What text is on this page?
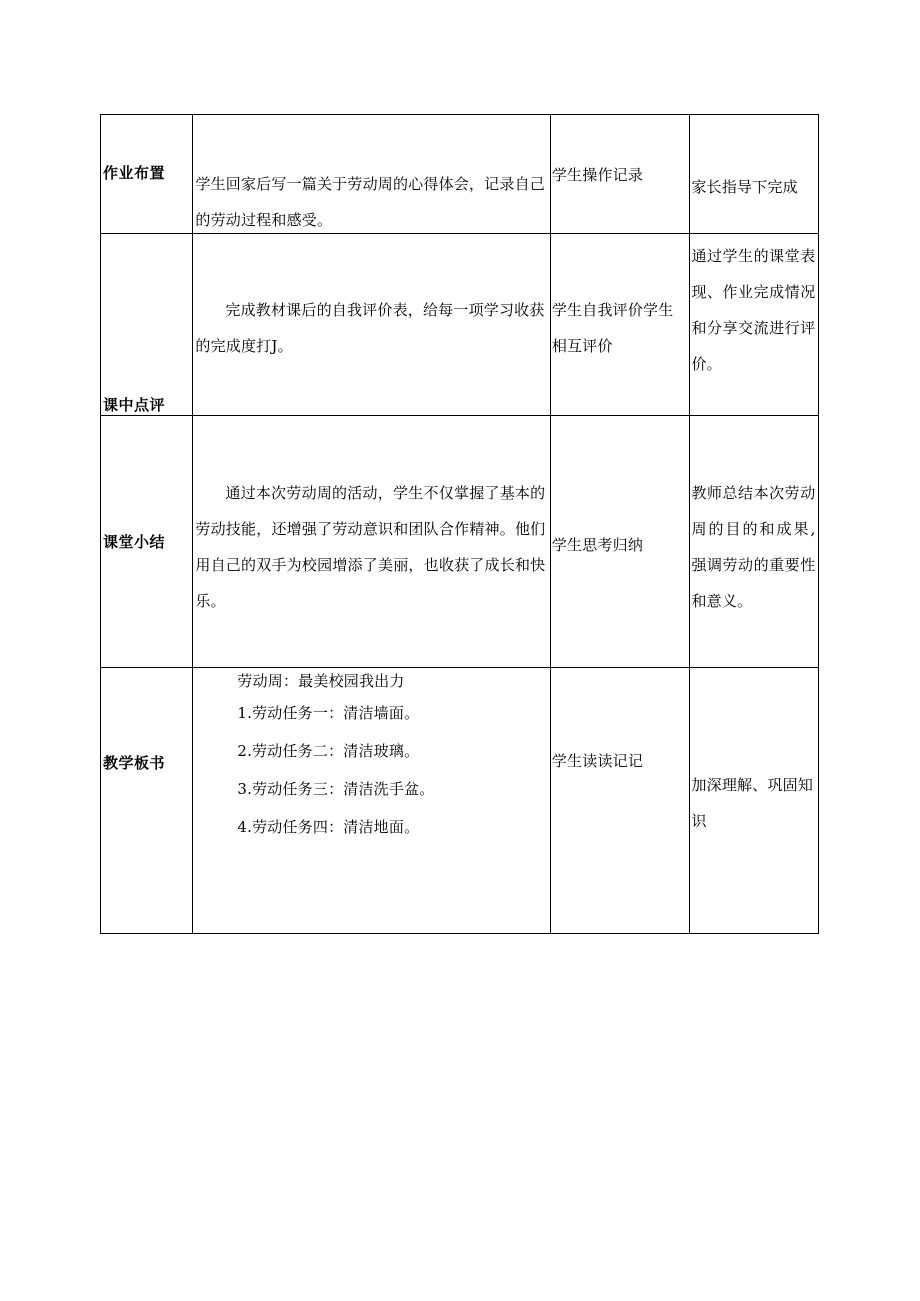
作业布置	学生回家后写一篇关于劳动周的心得体会，记录自己的劳动过程和感受。	学生操作记录	家长指导下完成

课中点评	完成教材课后的自我评价表，给每一项学习收获的完成度打J。	学生自我评价学生相互评价	通过学生的课堂表现、作业完成情况和分享交流进行评价。

课堂小结	通过本次劳动周的活动，学生不仅掌握了基本的劳动技能，还增强了劳动意识和团队合作精神。他们用自己的双手为校园增添了美丽，也收获了成长和快乐。	学生思考归纳	教师总结本次劳动周的目的和成果,强调劳动的重要性和意义。

教学板书	劳动周：最美校园我出力
1.劳动任务一：清洁墙面。
2.劳动任务二：清洁玻璃。
3.劳动任务三：清洁洗手盆。
4.劳动任务四：清洁地面。	学生读读记记	加深理解、巩固知识
